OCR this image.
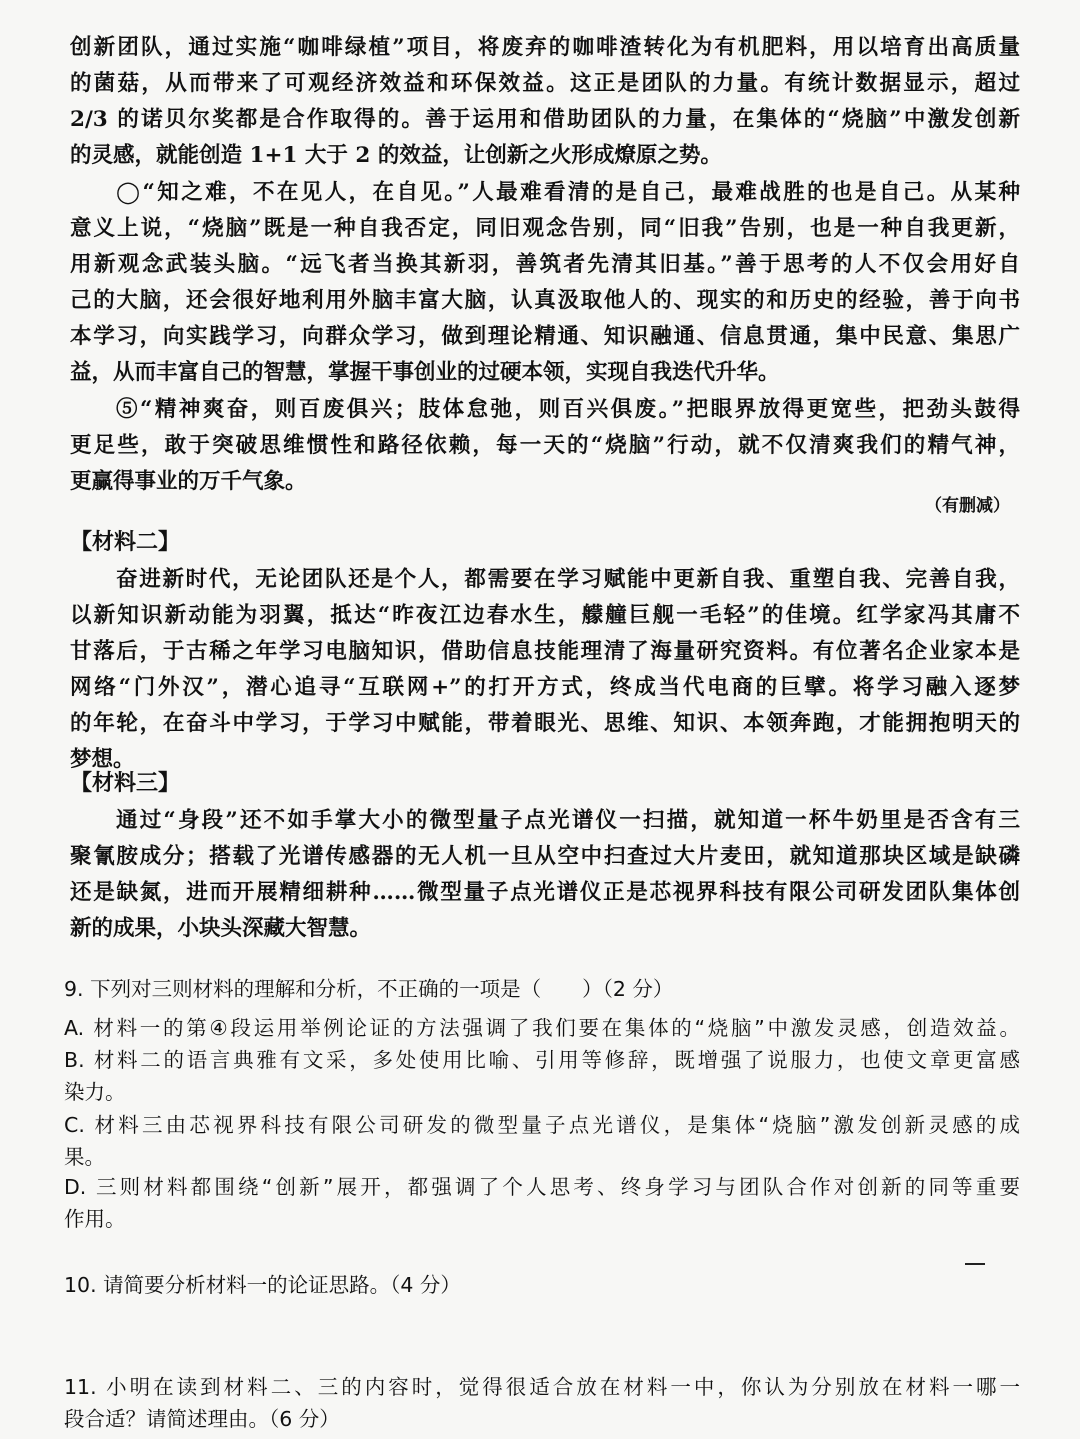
创新团队，通过实施“咖啡绿植”项目，将废弃的咖啡渣转化为有机肥料，用以培育出高质量
的菌菇，从而带来了可观经济效益和环保效益。这正是团队的力量。有统计数据显示，超过
2/3 的诺贝尔奖都是合作取得的。善于运用和借助团队的力量，在集体的“烧脑”中激发创新
的灵感，就能创造 1+1 大于 2 的效益，让创新之火形成燎原之势。
◯“知之难，不在见人，在自见。”人最难看清的是自己，最难战胜的也是自己。从某种
意义上说，“烧脑”既是一种自我否定，同旧观念告别，同“旧我”告别，也是一种自我更新，
用新观念武装头脑。“远飞者当换其新羽，善筑者先清其旧基。”善于思考的人不仅会用好自
己的大脑，还会很好地利用外脑丰富大脑，认真汲取他人的、现实的和历史的经验，善于向书
本学习，向实践学习，向群众学习，做到理论精通、知识融通、信息贯通，集中民意、集思广
益，从而丰富自己的智慧，掌握干事创业的过硬本领，实现自我迭代升华。
⑤“精神爽奋，则百废俱兴；肢体怠弛，则百兴俱废。”把眼界放得更宽些，把劲头鼓得
更足些，敢于突破思维惯性和路径依赖，每一天的“烧脑”行动，就不仅清爽我们的精气神，
更赢得事业的万千气象。
（有删减）
【材料二】
奋进新时代，无论团队还是个人，都需要在学习赋能中更新自我、重塑自我、完善自我，
以新知识新动能为羽翼，抵达“昨夜江边春水生，艨艟巨舰一毛轻”的佳境。红学家冯其庸不
甘落后，于古稀之年学习电脑知识，借助信息技能理清了海量研究资料。有位著名企业家本是
网络“门外汉”，潜心追寻“互联网+”的打开方式，终成当代电商的巨擘。将学习融入逐梦
的年轮，在奋斗中学习，于学习中赋能，带着眼光、思维、知识、本领奔跑，才能拥抱明天的
梦想。
【材料三】
通过“身段”还不如手掌大小的微型量子点光谱仪一扫描，就知道一杯牛奶里是否含有三
聚氰胺成分；搭载了光谱传感器的无人机一旦从空中扫查过大片麦田，就知道那块区域是缺磷
还是缺氮，进而开展精细耕种……微型量子点光谱仪正是芯视界科技有限公司研发团队集体创
新的成果，小块头深藏大智慧。
9. 下列对三则材料的理解和分析，不正确的一项是（　　）（2 分）
A. 材料一的第④段运用举例论证的方法强调了我们要在集体的“烧脑”中激发灵感，创造效益。
B. 材料二的语言典雅有文采，多处使用比喻、引用等修辞，既增强了说服力，也使文章更富感
染力。
C. 材料三由芯视界科技有限公司研发的微型量子点光谱仪，是集体“烧脑”激发创新灵感的成
果。
D. 三则材料都围绕“创新”展开，都强调了个人思考、终身学习与团队合作对创新的同等重要
作用。
10. 请简要分析材料一的论证思路。（4 分）
11. 小明在读到材料二、三的内容时，觉得很适合放在材料一中，你认为分别放在材料一哪一
段合适？请简述理由。（6 分）
